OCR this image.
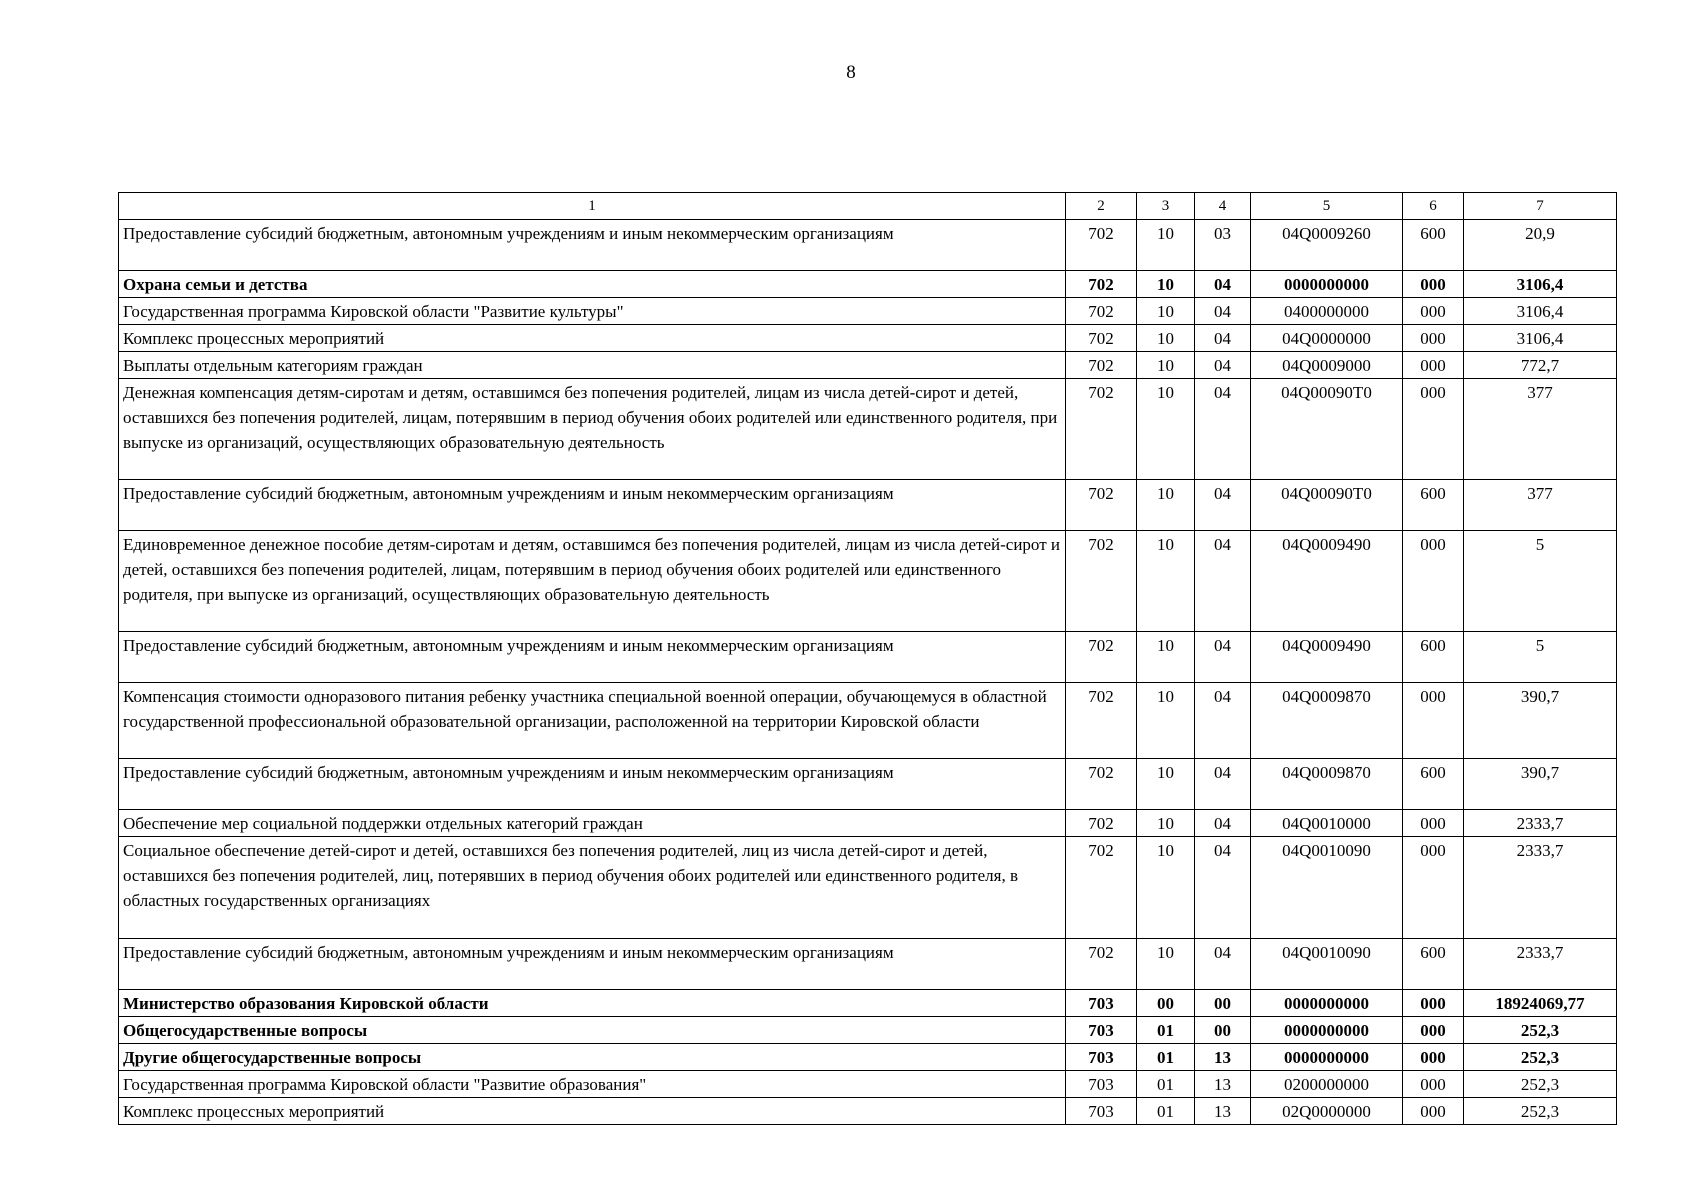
8
1	2	3	4	5	6	7
Предоставление субсидий бюджетным, автономным учреждениям и иным некоммерческим организациям	702	10	03	04Q0009260	600	20,9
Охрана семьи и детства	702	10	04	0000000000	000	3106,4
Государственная программа Кировской области "Развитие культуры"	702	10	04	0400000000	000	3106,4
Комплекс процессных мероприятий	702	10	04	04Q0000000	000	3106,4
Выплаты отдельным категориям граждан	702	10	04	04Q0009000	000	772,7
Денежная компенсация детям-сиротам и детям, оставшимся без попечения родителей, лицам из числа детей-сирот и детей, оставшихся без попечения родителей, лицам, потерявшим в период обучения обоих родителей или единственного родителя, при выпуске из организаций, осуществляющих образовательную деятельность	702	10	04	04Q00090T0	000	377
Предоставление субсидий бюджетным, автономным учреждениям и иным некоммерческим организациям	702	10	04	04Q00090T0	600	377
Единовременное денежное пособие детям-сиротам и детям, оставшимся без попечения родителей, лицам из числа детей-сирот и детей, оставшихся без попечения родителей, лицам, потерявшим в период обучения обоих родителей или единственного родителя, при выпуске из организаций, осуществляющих образовательную деятельность	702	10	04	04Q0009490	000	5
Предоставление субсидий бюджетным, автономным учреждениям и иным некоммерческим организациям	702	10	04	04Q0009490	600	5
Компенсация стоимости одноразового питания ребенку участника специальной военной операции, обучающемуся в областной государственной профессиональной образовательной организации, расположенной на территории Кировской области	702	10	04	04Q0009870	000	390,7
Предоставление субсидий бюджетным, автономным учреждениям и иным некоммерческим организациям	702	10	04	04Q0009870	600	390,7
Обеспечение мер социальной поддержки отдельных категорий граждан	702	10	04	04Q0010000	000	2333,7
Социальное обеспечение детей-сирот и детей, оставшихся без попечения родителей, лиц из числа детей-сирот и детей, оставшихся без попечения родителей, лиц, потерявших в период обучения обоих родителей или единственного родителя, в областных государственных организациях	702	10	04	04Q0010090	000	2333,7
Предоставление субсидий бюджетным, автономным учреждениям и иным некоммерческим организациям	702	10	04	04Q0010090	600	2333,7
Министерство образования Кировской области	703	00	00	0000000000	000	18924069,77
Общегосударственные вопросы	703	01	00	0000000000	000	252,3
Другие общегосударственные вопросы	703	01	13	0000000000	000	252,3
Государственная программа Кировской области "Развитие образования"	703	01	13	0200000000	000	252,3
Комплекс процессных мероприятий	703	01	13	02Q0000000	000	252,3
